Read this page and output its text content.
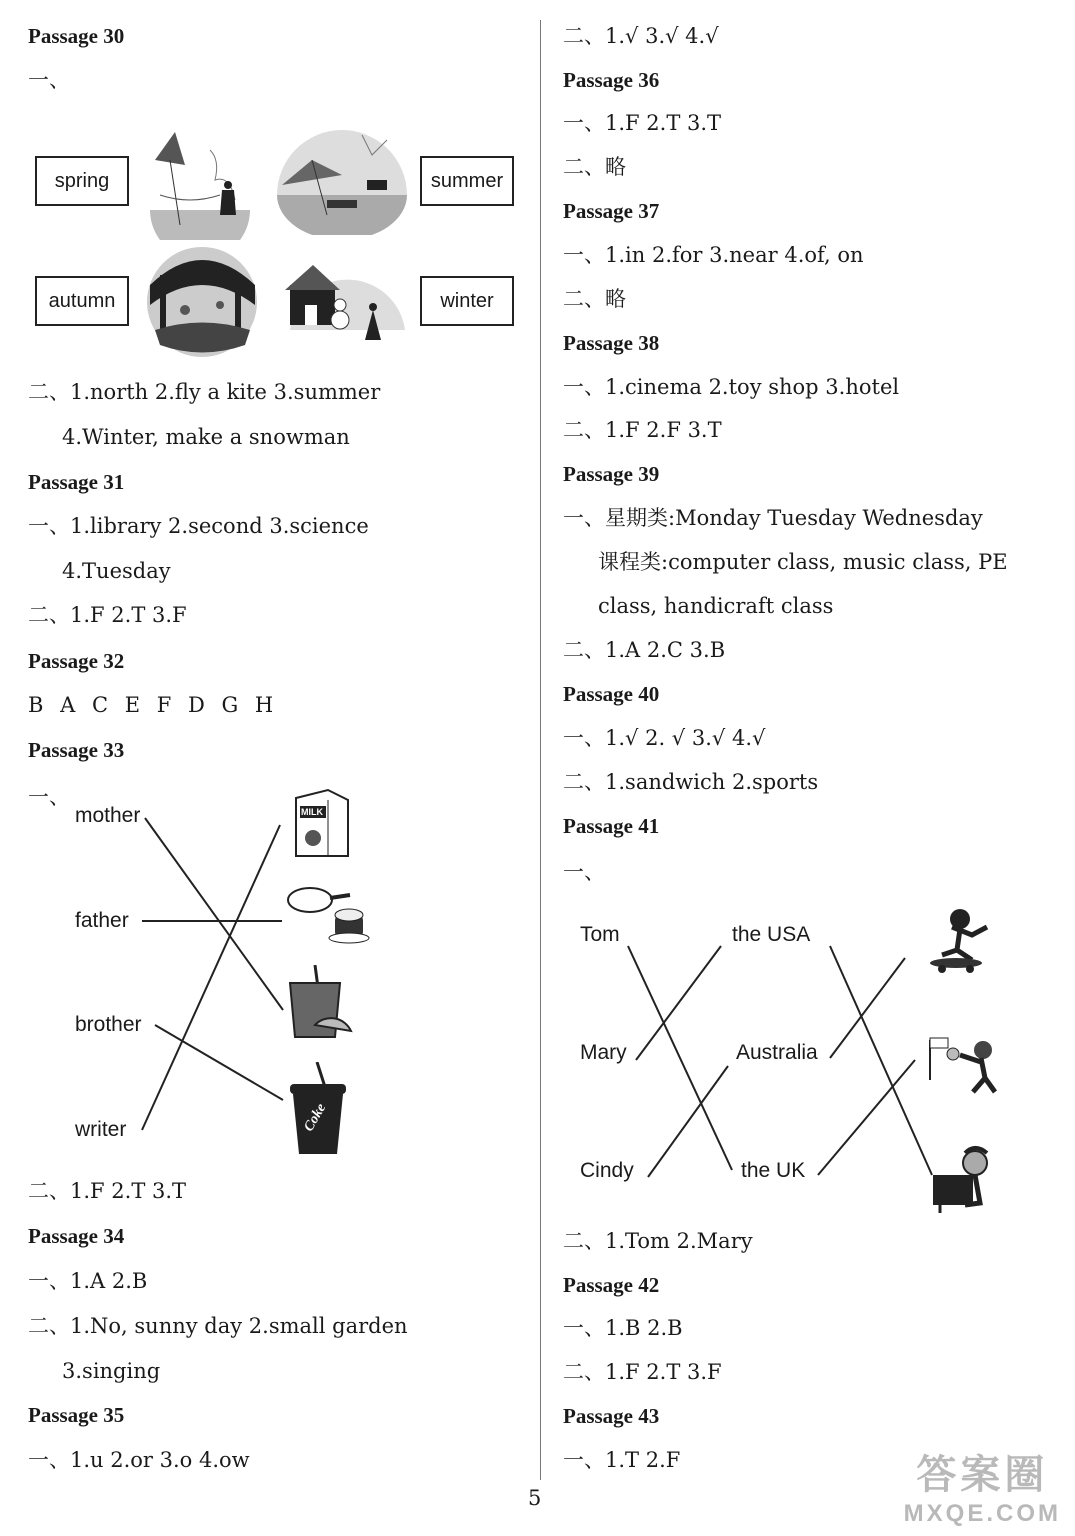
Passage 30
一、
spring	summer
autumn	winter
二、1.north 2.fly a kite 3.summer
4.Winter, make a snowman
Passage 31
一、1.library 2.second 3.science
4.Tuesday
二、1.F 2.T 3.F
Passage 32
B A C E F D G H
Passage 33
一、
mother
father
brother
writer
MILK
Coke
二、1.F 2.T 3.T
Passage 34
一、1.A 2.B
二、1.No, sunny day 2.small garden
3.singing
Passage 35
一、1.u 2.or 3.o 4.ow
二、1.√ 3.√ 4.√
Passage 36
一、1.F 2.T 3.T
二、略
Passage 37
一、1.in 2.for 3.near 4.of, on
二、略
Passage 38
一、1.cinema 2.toy shop 3.hotel
二、1.F 2.F 3.T
Passage 39
一、星期类:Monday Tuesday Wednesday
课程类:computer class, music class, PE
class, handicraft class
二、1.A 2.C 3.B
Passage 40
一、1.√ 2. √ 3.√ 4.√
二、1.sandwich 2.sports
Passage 41
一、
Tom
Mary
Cindy
the USA
Australia
the UK
二、1.Tom 2.Mary
Passage 42
一、1.B 2.B
二、1.F 2.T 3.F
Passage 43
一、1.T 2.F
5
答案圈
MXQE.COM
